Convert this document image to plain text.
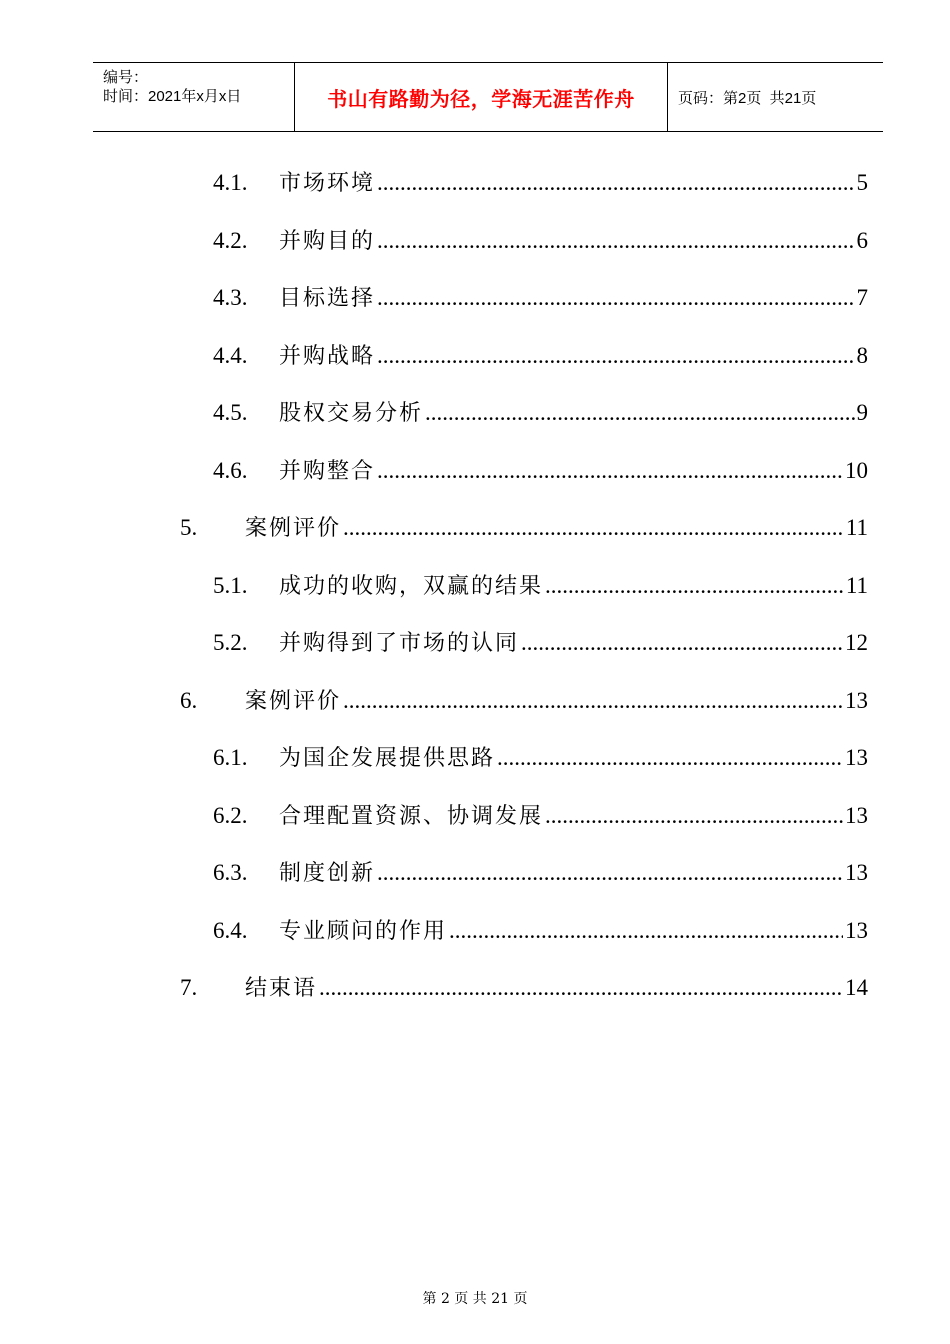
编号：
时间：2021年x月x日	书山有路勤为径，学海无涯苦作舟	页码：第2页  共21页
4.1.	市场环境 .....	5
4.2.	并购目的 .....	6
4.3.	目标选择 .....	7
4.4.	并购战略 .....	8
4.5.	股权交易分析 .....	9
4.6.	并购整合 .....	10
5.	案例评价 .....	11
5.1.	成功的收购，双赢的结果 .....	11
5.2.	并购得到了市场的认同 .....	12
6.	案例评价 .....	13
6.1.	为国企发展提供思路 .....	13
6.2.	合理配置资源、协调发展 .....	13
6.3.	制度创新 .....	13
6.4.	专业顾问的作用 .....	13
7.	结束语 .....	14
第 2 页 共 21 页
